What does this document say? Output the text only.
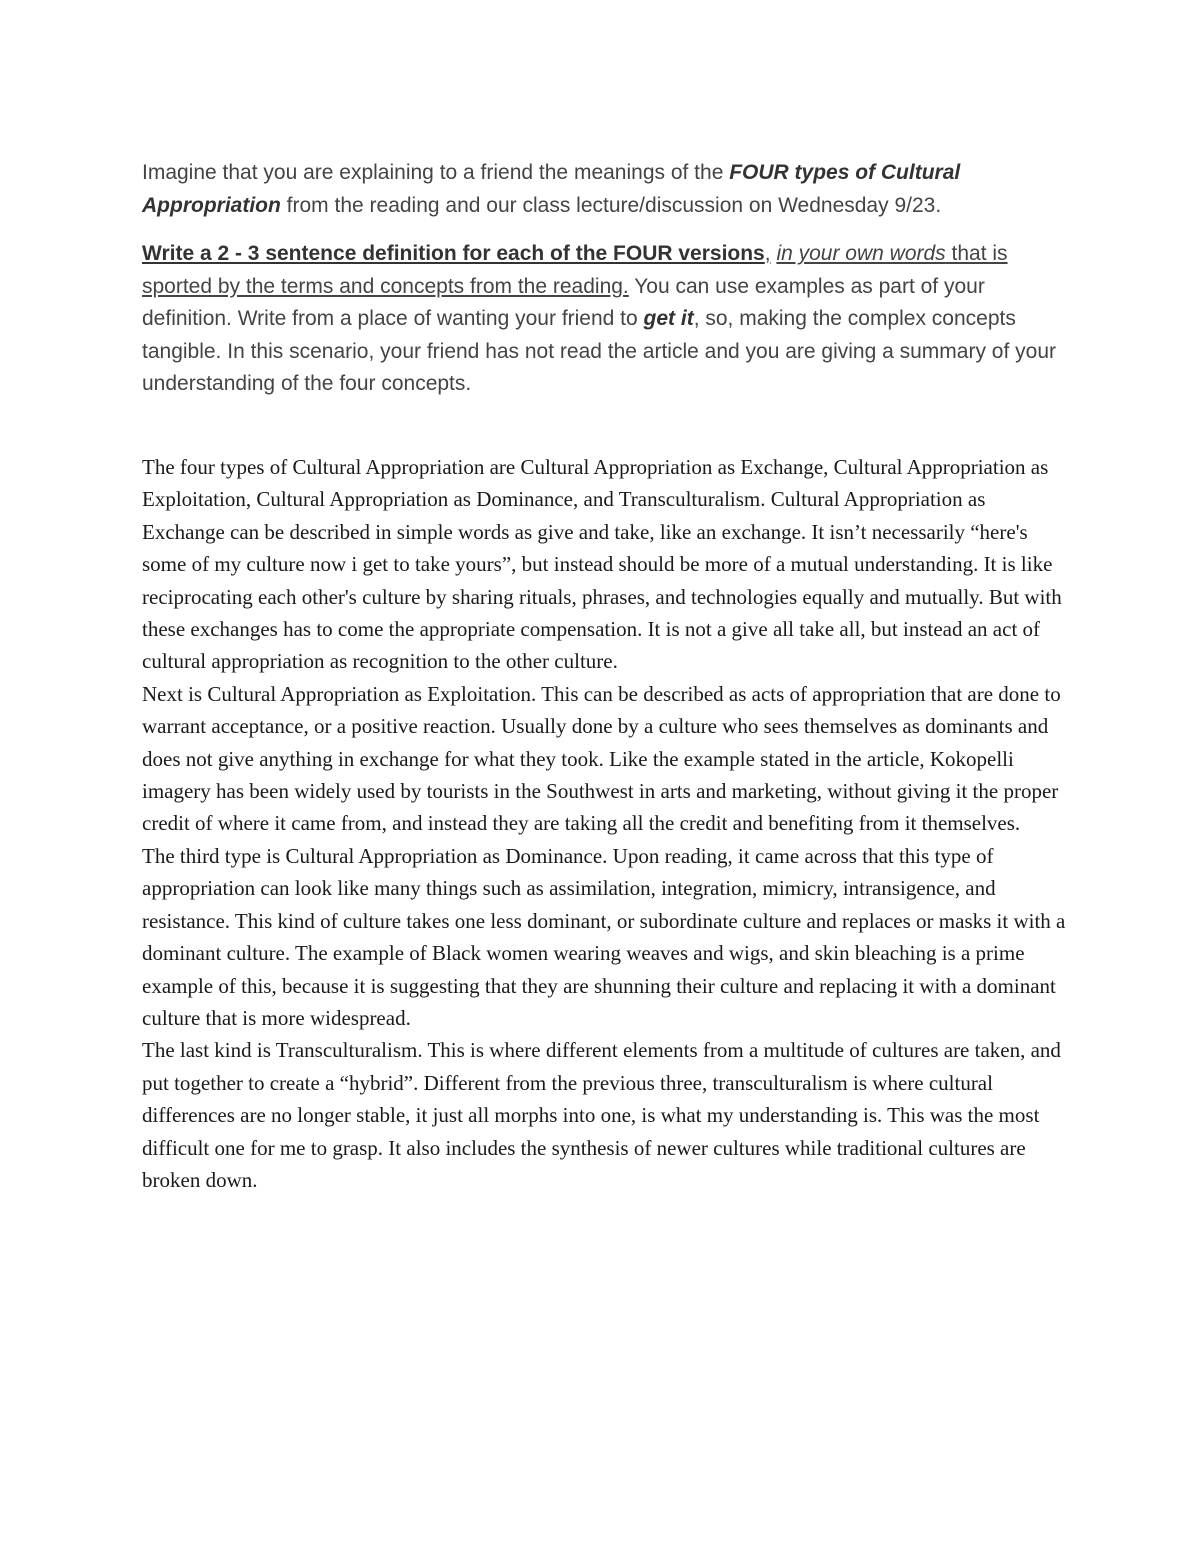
Imagine that you are explaining to a friend the meanings of the FOUR types of Cultural Appropriation from the reading and our class lecture/discussion on Wednesday 9/23.

Write a 2 - 3 sentence definition for each of the FOUR versions, in your own words that is sported by the terms and concepts from the reading. You can use examples as part of your definition. Write from a place of wanting your friend to get it, so, making the complex concepts tangible. In this scenario, your friend has not read the article and you are giving a summary of your understanding of the four concepts.

The four types of Cultural Appropriation are Cultural Appropriation as Exchange, Cultural Appropriation as Exploitation, Cultural Appropriation as Dominance, and Transculturalism. Cultural Appropriation as Exchange can be described in simple words as give and take, like an exchange. It isn’t necessarily “here's some of my culture now i get to take yours”, but instead should be more of a mutual understanding. It is like reciprocating each other's culture by sharing rituals, phrases, and technologies equally and mutually. But with these exchanges has to come the appropriate compensation. It is not a give all take all, but instead an act of cultural appropriation as recognition to the other culture.

Next is Cultural Appropriation as Exploitation. This can be described as acts of appropriation that are done to warrant acceptance, or a positive reaction. Usually done by a culture who sees themselves as dominants and does not give anything in exchange for what they took. Like the example stated in the article, Kokopelli imagery has been widely used by tourists in the Southwest in arts and marketing, without giving it the proper credit of where it came from, and instead they are taking all the credit and benefiting from it themselves.

The third type is Cultural Appropriation as Dominance. Upon reading, it came across that this type of appropriation can look like many things such as assimilation, integration, mimicry, intransigence, and resistance. This kind of culture takes one less dominant, or subordinate culture and replaces or masks it with a dominant culture. The example of Black women wearing weaves and wigs, and skin bleaching is a prime example of this, because it is suggesting that they are shunning their culture and replacing it with a dominant culture that is more widespread.

The last kind is Transculturalism. This is where different elements from a multitude of cultures are taken, and put together to create a “hybrid”. Different from the previous three, transculturalism is where cultural differences are no longer stable, it just all morphs into one, is what my understanding is. This was the most difficult one for me to grasp. It also includes the synthesis of newer cultures while traditional cultures are broken down.
